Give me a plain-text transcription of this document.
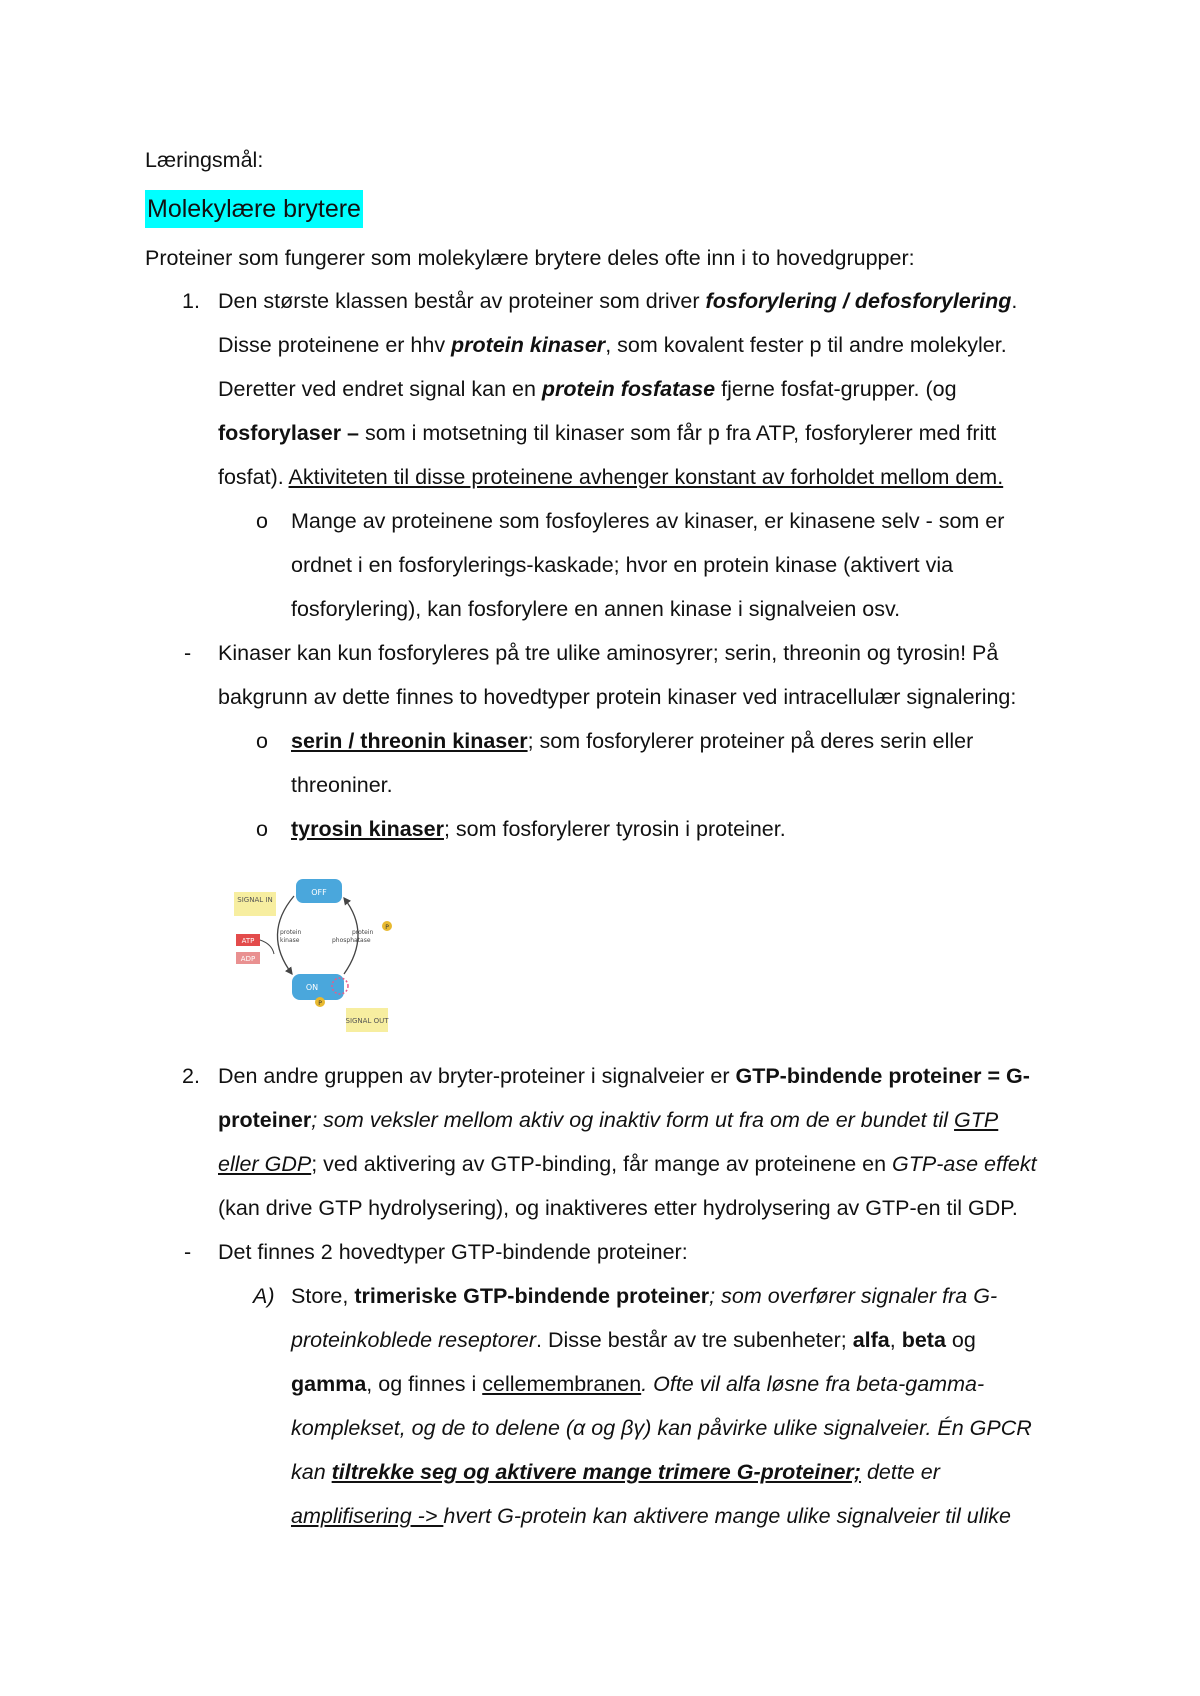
Læringsmål:
Molekylære brytere
Proteiner som fungerer som molekylære brytere deles ofte inn i to hovedgrupper:
1. Den største klassen består av proteiner som driver fosforylering / defosforylering.
Disse proteinene er hhv protein kinaser, som kovalent fester p til andre molekyler.
Deretter ved endret signal kan en protein fosfatase fjerne fosfat-grupper. (og
fosforylaser – som i motsetning til kinaser som får p fra ATP, fosforylerer med fritt
fosfat). Aktiviteten til disse proteinene avhenger konstant av forholdet mellom dem.
o Mange av proteinene som fosfoyleres av kinaser, er kinasene selv - som er
ordnet i en fosforylerings-kaskade; hvor en protein kinase (aktivert via
fosforylering), kan fosforylere en annen kinase i signalveien osv.
- Kinaser kan kun fosforyleres på tre ulike aminosyrer; serin, threonin og tyrosin! På
bakgrunn av dette finnes to hovedtyper protein kinaser ved intracellulær signalering:
o serin / threonin kinaser; som fosforylerer proteiner på deres serin eller
threoniner.
o tyrosin kinaser; som fosforylerer tyrosin i proteiner.
SIGNAL IN
OFF
ATP
ADP
protein
kinase
protein
phosphatase
P
ON
P
SIGNAL OUT
2. Den andre gruppen av bryter-proteiner i signalveier er GTP-bindende proteiner = G-
proteiner; som veksler mellom aktiv og inaktiv form ut fra om de er bundet til GTP
eller GDP; ved aktivering av GTP-binding, får mange av proteinene en GTP-ase effekt
(kan drive GTP hydrolysering), og inaktiveres etter hydrolysering av GTP-en til GDP.
- Det finnes 2 hovedtyper GTP-bindende proteiner:
A) Store, trimeriske GTP-bindende proteiner; som overfører signaler fra G-
proteinkoblede reseptorer. Disse består av tre subenheter; alfa, beta og
gamma, og finnes i cellemembranen. Ofte vil alfa løsne fra beta-gamma-
komplekset, og de to delene (α og βγ) kan påvirke ulike signalveier. Én GPCR
kan tiltrekke seg og aktivere mange trimere G-proteiner; dette er
amplifisering -> hvert G-protein kan aktivere mange ulike signalveier til ulike
